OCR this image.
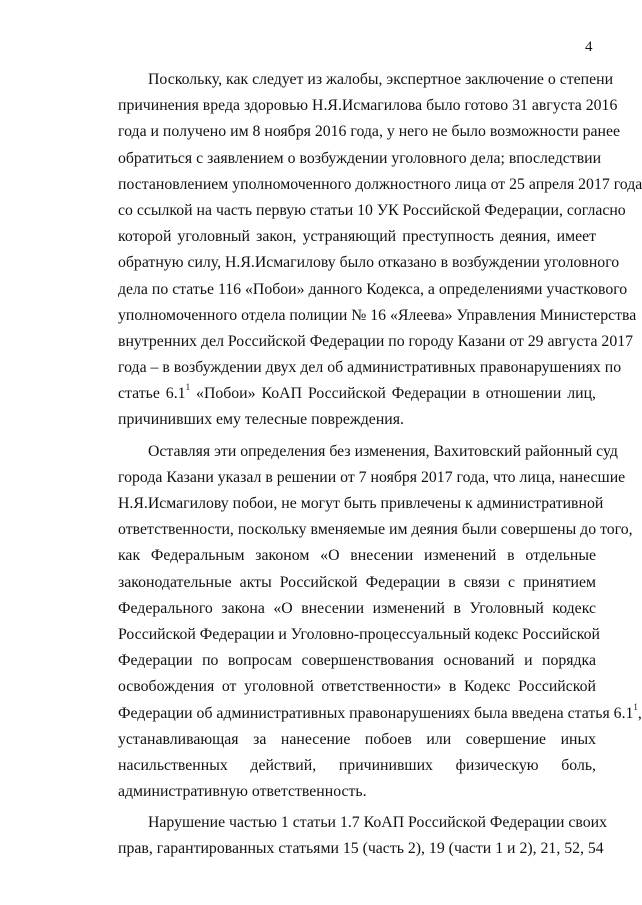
4
Поскольку, как следует из жалобы, экспертное заключение о степени
причинения вреда здоровью Н.Я.Исмагилова было готово 31 августа 2016
года и получено им 8 ноября 2016 года, у него не было возможности ранее
обратиться с заявлением о возбуждении уголовного дела; впоследствии
постановлением уполномоченного должностного лица от 25 апреля 2017 года
со ссылкой на часть первую статьи 10 УК Российской Федерации, согласно
которой уголовный закон, устраняющий преступность деяния, имеет
обратную силу, Н.Я.Исмагилову было отказано в возбуждении уголовного
дела по статье 116 «Побои» данного Кодекса, а определениями участкового
уполномоченного отдела полиции № 16 «Ялеева» Управления Министерства
внутренних дел Российской Федерации по городу Казани от 29 августа 2017
года – в возбуждении двух дел об административных правонарушениях по
статье 6.1$^1$ «Побои» КоАП Российской Федерации в отношении лиц,
причинивших ему телесные повреждения.
Оставляя эти определения без изменения, Вахитовский районный суд
города Казани указал в решении от 7 ноября 2017 года, что лица, нанесшие
Н.Я.Исмагилову побои, не могут быть привлечены к административной
ответственности, поскольку вменяемые им деяния были совершены до того,
как Федеральным законом «О внесении изменений в отдельные
законодательные акты Российской Федерации в связи с принятием
Федерального закона «О внесении изменений в Уголовный кодекс
Российской Федерации и Уголовно-процессуальный кодекс Российской
Федерации по вопросам совершенствования оснований и порядка
освобождения от уголовной ответственности» в Кодекс Российской
Федерации об административных правонарушениях была введена статья 6.1$^1$,
устанавливающая за нанесение побоев или совершение иных
насильственных действий, причинивших физическую боль,
административную ответственность.
Нарушение частью 1 статьи 1.7 КоАП Российской Федерации своих
прав, гарантированных статьями 15 (часть 2), 19 (части 1 и 2), 21, 52, 54
